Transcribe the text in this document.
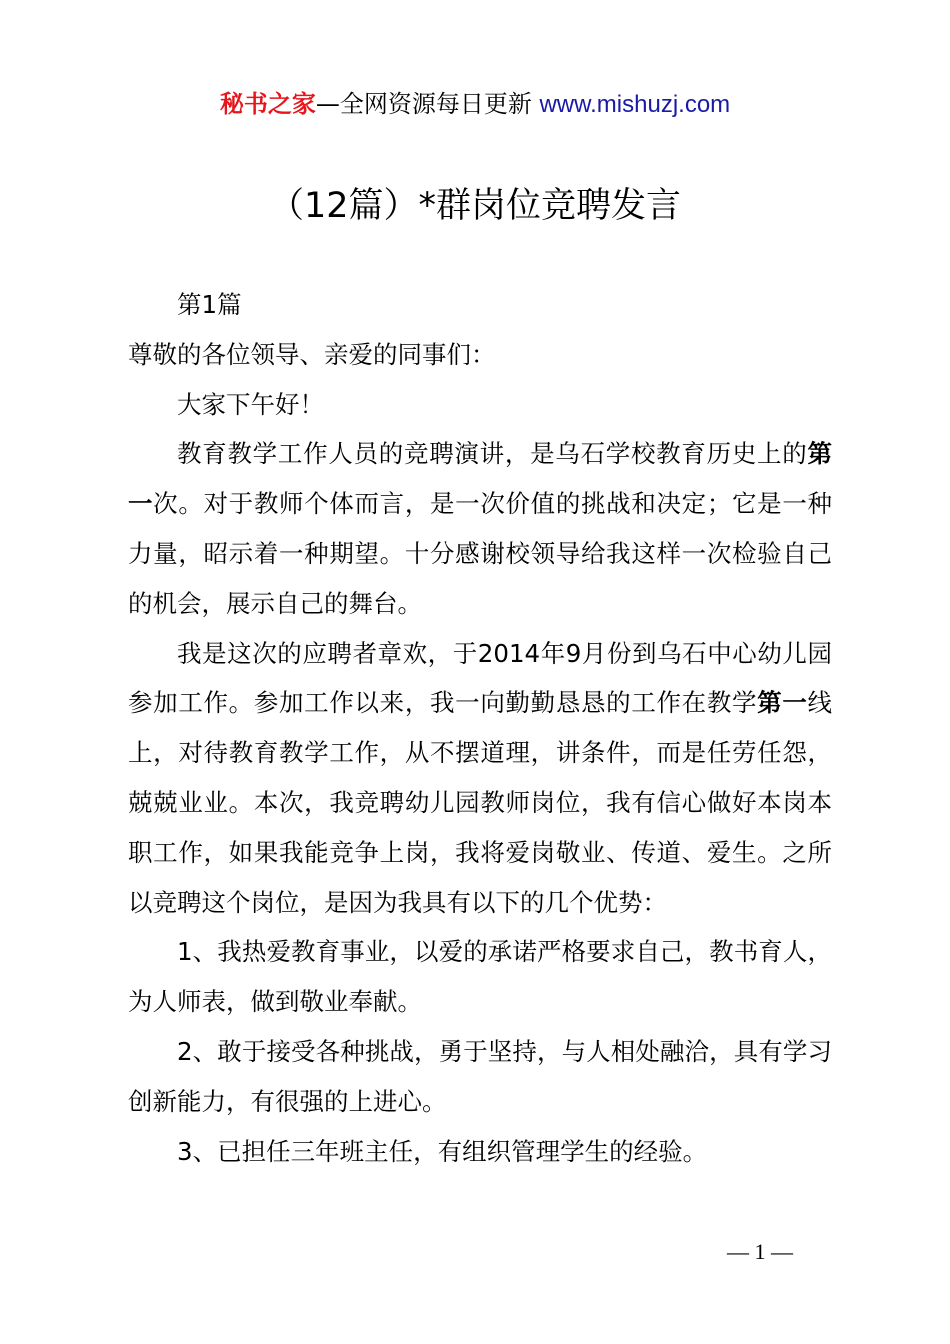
秘书之家—全网资源每日更新 www.mishuzj.com
（12篇）*群岗位竞聘发言

第1篇

尊敬的各位领导、亲爱的同事们：

大家下午好！

教育教学工作人员的竞聘演讲，是乌石学校教育历史上的第一次。对于教师个体而言，是一次价值的挑战和决定；它是一种力量，昭示着一种期望。十分感谢校领导给我这样一次检验自己的机会，展示自己的舞台。

我是这次的应聘者章欢，于2014年9月份到乌石中心幼儿园参加工作。参加工作以来，我一向勤勤恳恳的工作在教学第一线上，对待教育教学工作，从不摆道理，讲条件，而是任劳任怨，兢兢业业。本次，我竞聘幼儿园教师岗位，我有信心做好本岗本职工作，如果我能竞争上岗，我将爱岗敬业、传道、爱生。之所以竞聘这个岗位，是因为我具有以下的几个优势：

1、我热爱教育事业，以爱的承诺严格要求自己，教书育人，为人师表，做到敬业奉献。

2、敢于接受各种挑战，勇于坚持，与人相处融洽，具有学习创新能力，有很强的上进心。

3、已担任三年班主任，有组织管理学生的经验。

— 1 —
